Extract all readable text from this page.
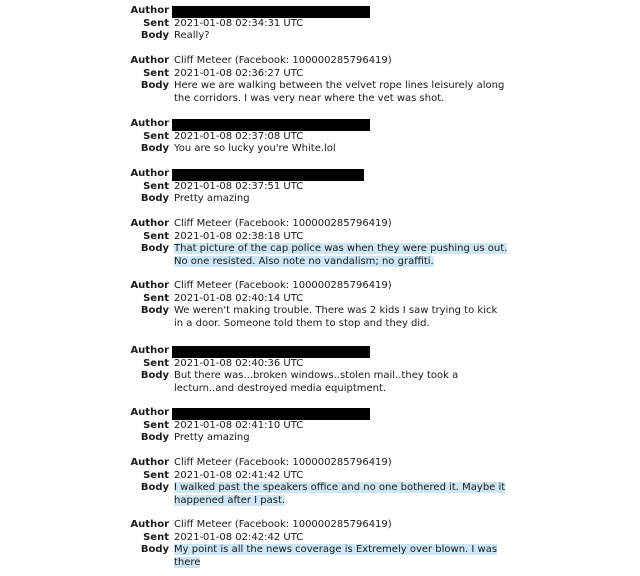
Author
Sent 2021-01-08 02:34:31 UTC
Body Really?
Author Cliff Meteer (Facebook: 100000285796419)
Sent 2021-01-08 02:36:27 UTC
Body Here we are walking between the velvet rope lines leisurely along
the corridors. I was very near where the vet was shot.
Author
Sent 2021-01-08 02:37:08 UTC
Body You are so lucky you're White.lol
Author
Sent 2021-01-08 02:37:51 UTC
Body Pretty amazing
Author Cliff Meteer (Facebook: 100000285796419)
Sent 2021-01-08 02:38:18 UTC
Body That picture of the cap police was when they were pushing us out.
No one resisted. Also note no vandalism; no graffiti.
Author Cliff Meteer (Facebook: 100000285796419)
Sent 2021-01-08 02:40:14 UTC
Body We weren't making trouble. There was 2 kids I saw trying to kick
in a door. Someone told them to stop and they did.
Author
Sent 2021-01-08 02:40:36 UTC
Body But there was...broken windows..stolen mail..they took a
lecturn..and destroyed media equiptment.
Author
Sent 2021-01-08 02:41:10 UTC
Body Pretty amazing
Author Cliff Meteer (Facebook: 100000285796419)
Sent 2021-01-08 02:41:42 UTC
Body I walked past the speakers office and no one bothered it. Maybe it
happened after I past.
Author Cliff Meteer (Facebook: 100000285796419)
Sent 2021-01-08 02:42:42 UTC
Body My point is all the news coverage is Extremely over blown. I was
there
